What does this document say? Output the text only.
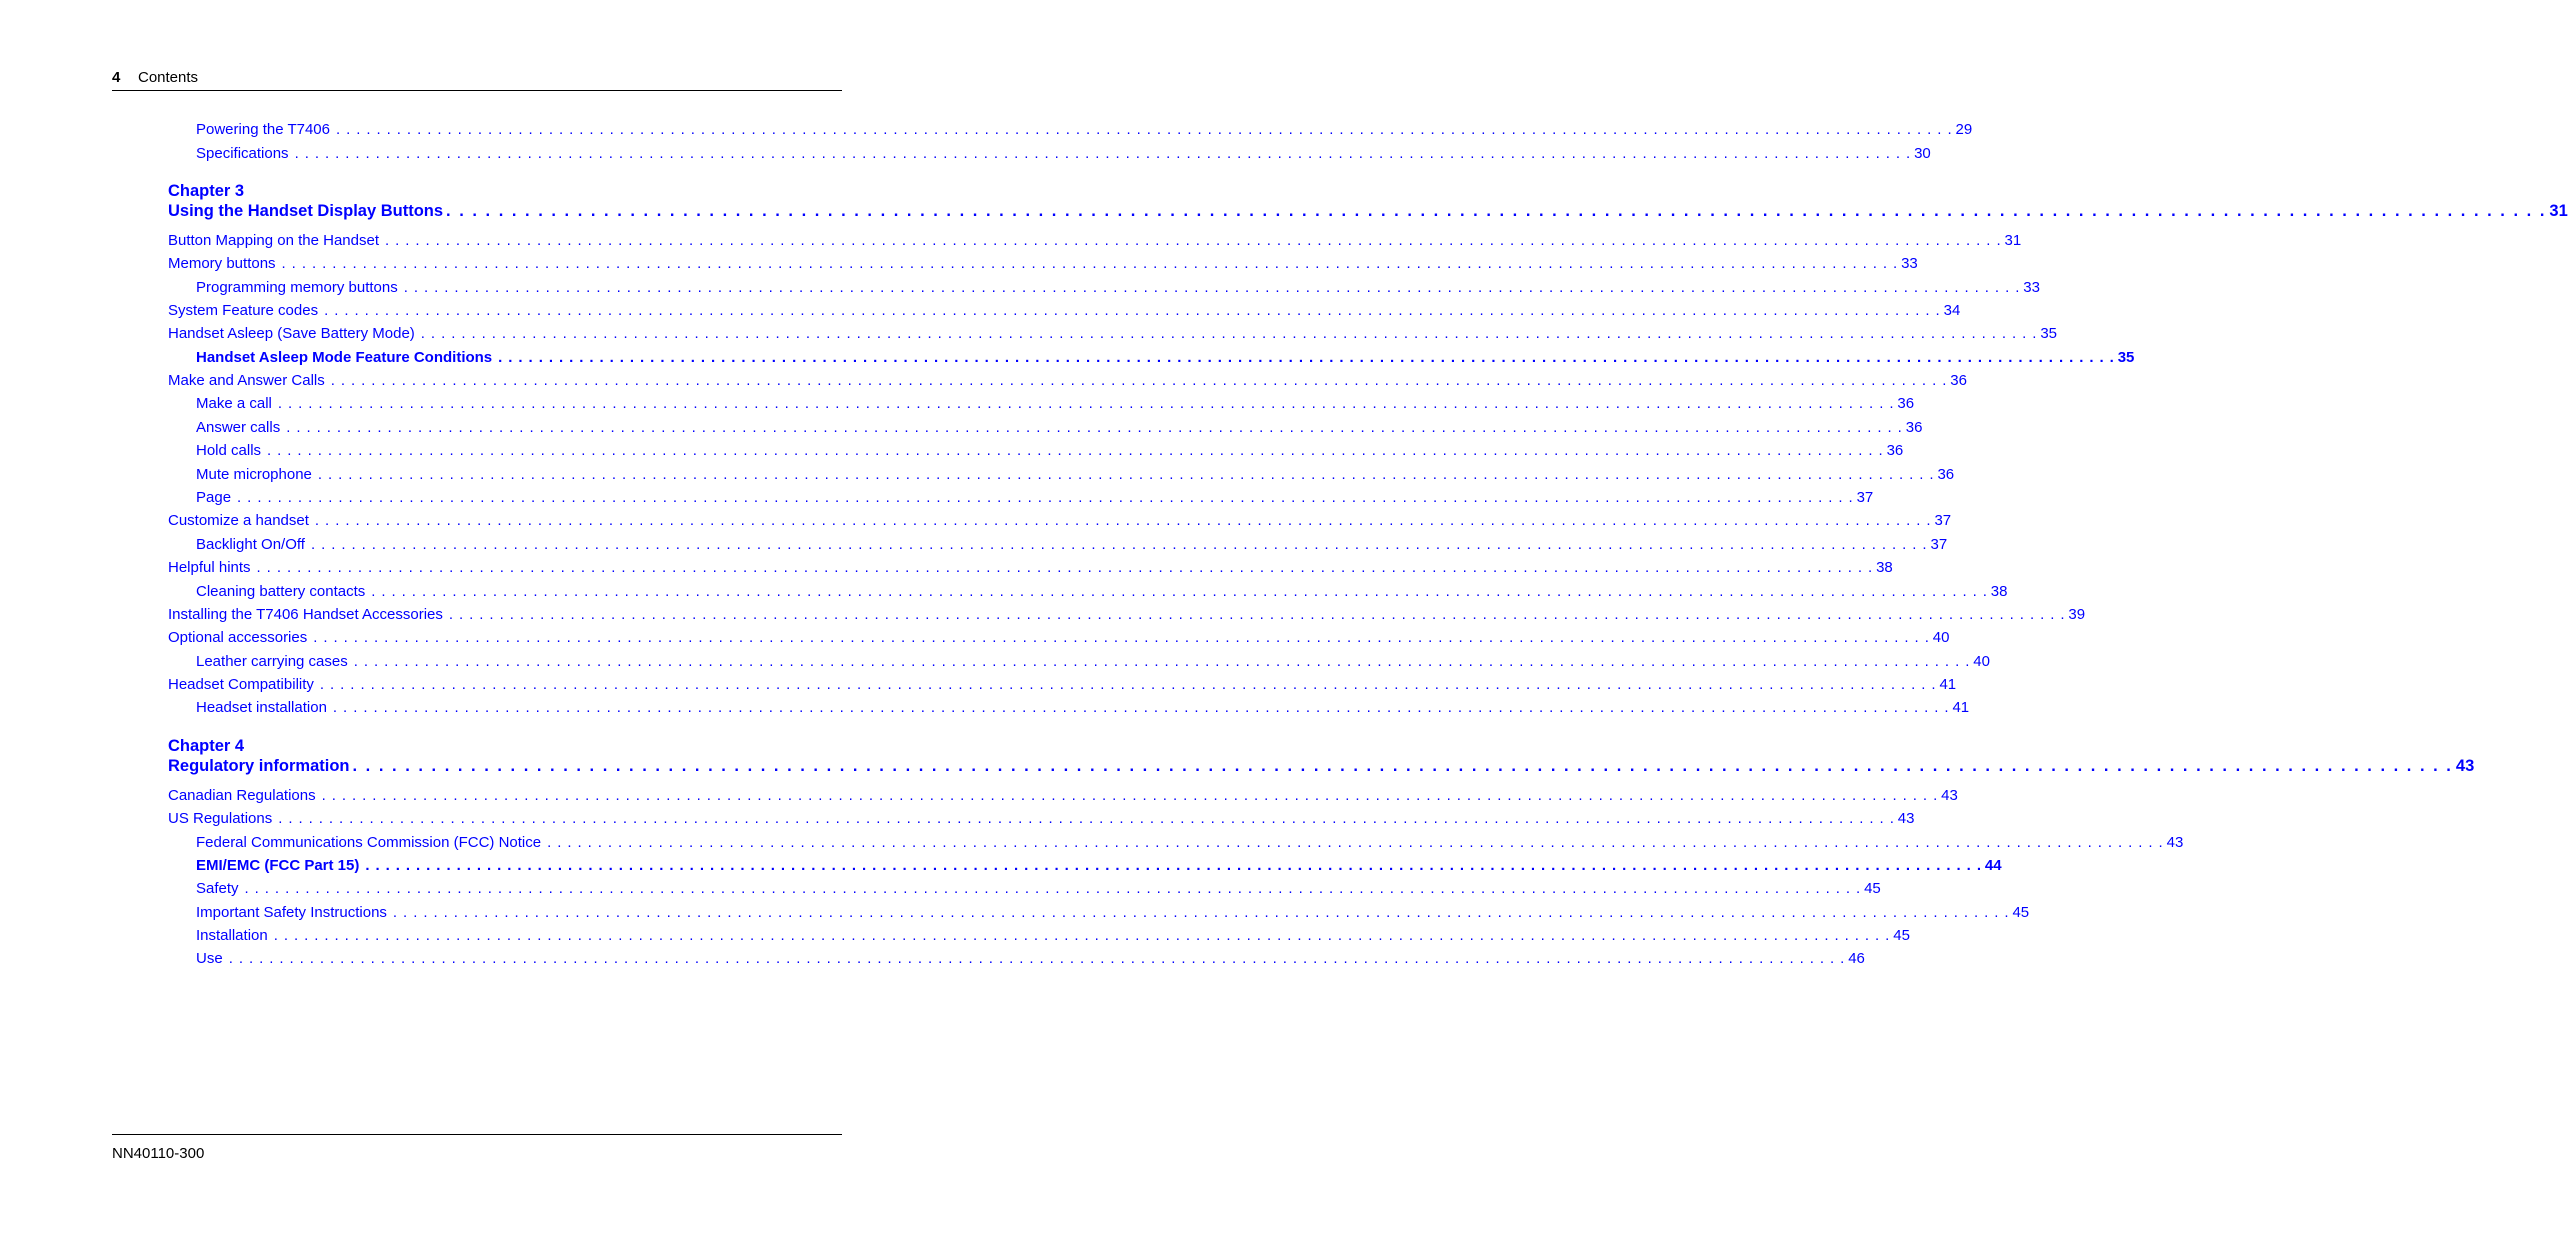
4 Contents
Powering the T7406 . . . . . . . . . . . . . . . . . . . . . . . . . . . . . . . . . . . . . . . . . . . . . . . . . . . . . . . . . . . . . . . . . . . . . . . . . . . . . . . . . . . . . . . . . . . . . . . . . . . . . . . . . . . . . . . . . . . . . . . . . . . . . . . . . . . . . . . . . . . . . . . . . . . . . . . . . . . . . . . . 29
Specifications . . . . . . . . . . . . . . . . . . . . . . . . . . . . . . . . . . . . . . . . . . . . . . . . . . . . . . . . . . . . . . . . . . . . . . . . . . . . . . . . . . . . . . . . . . . . . . . . . . . . . . . . . . . . . . . . . . . . . . . . . . . . . . . . . . . . . . . . . . . . . . . . . . . . . . . . . . . . . . . . 30
Chapter 3
Using the Handset Display Buttons . . . . . . . . . . . . . . . . . . . . . . . . . . . . . . . . . . . . . . . . . . . . . . . . . . . . . . . . . . . . . . . . . . . . . . . . . . . . . . . . . . . . . . . . . . . . . . . . . . . . . . . . . . . . . . . . . . . . . . . . . . . . . . . . . . . . . . . . . . . . . . . . . . . . . . . . . . . . . . . . 31
Button Mapping on the Handset . . . . . . . . . . . . . . . . . . . . . . . . . . . . . . . . . . . . . . . . . . . . . . . . . . . . . . . . . . . . . . . . . . . . . . . . . . . . . . . . . . . . . . . . . . . . . . . . . . . . . . . . . . . . . . . . . . . . . . . . . . . . . . . . . . . . . . . . . . . . . . . . . . . . . . . . . . . . . . . . 31
Memory buttons . . . . . . . . . . . . . . . . . . . . . . . . . . . . . . . . . . . . . . . . . . . . . . . . . . . . . . . . . . . . . . . . . . . . . . . . . . . . . . . . . . . . . . . . . . . . . . . . . . . . . . . . . . . . . . . . . . . . . . . . . . . . . . . . . . . . . . . . . . . . . . . . . . . . . . . . . . . . . . . . 33
Programming memory buttons . . . . . . . . . . . . . . . . . . . . . . . . . . . . . . . . . . . . . . . . . . . . . . . . . . . . . . . . . . . . . . . . . . . . . . . . . . . . . . . . . . . . . . . . . . . . . . . . . . . . . . . . . . . . . . . . . . . . . . . . . . . . . . . . . . . . . . . . . . . . . . . . . . . . . . . . . . . . . . . . 33
System Feature codes . . . . . . . . . . . . . . . . . . . . . . . . . . . . . . . . . . . . . . . . . . . . . . . . . . . . . . . . . . . . . . . . . . . . . . . . . . . . . . . . . . . . . . . . . . . . . . . . . . . . . . . . . . . . . . . . . . . . . . . . . . . . . . . . . . . . . . . . . . . . . . . . . . . . . . . . . . . . . . . . 34
Handset Asleep (Save Battery Mode) . . . . . . . . . . . . . . . . . . . . . . . . . . . . . . . . . . . . . . . . . . . . . . . . . . . . . . . . . . . . . . . . . . . . . . . . . . . . . . . . . . . . . . . . . . . . . . . . . . . . . . . . . . . . . . . . . . . . . . . . . . . . . . . . . . . . . . . . . . . . . . . . . . . . . . . . . . . . . . . . 35
Handset Asleep Mode Feature Conditions . . . . . . . . . . . . . . . . . . . . . . . . . . . . . . . . . . . . . . . . . . . . . . . . . . . . . . . . . . . . . . . . . . . . . . . . . . . . . . . . . . . . . . . . . . . . . . . . . . . . . . . . . . . . . . . . . . . . . . . . . . . . . . . . . . . . . . . . . . . . . . . . . . . . . . . . . . . . . . . . 35
Make and Answer Calls . . . . . . . . . . . . . . . . . . . . . . . . . . . . . . . . . . . . . . . . . . . . . . . . . . . . . . . . . . . . . . . . . . . . . . . . . . . . . . . . . . . . . . . . . . . . . . . . . . . . . . . . . . . . . . . . . . . . . . . . . . . . . . . . . . . . . . . . . . . . . . . . . . . . . . . . . . . . . . . . 36
Make a call . . . . . . . . . . . . . . . . . . . . . . . . . . . . . . . . . . . . . . . . . . . . . . . . . . . . . . . . . . . . . . . . . . . . . . . . . . . . . . . . . . . . . . . . . . . . . . . . . . . . . . . . . . . . . . . . . . . . . . . . . . . . . . . . . . . . . . . . . . . . . . . . . . . . . . . . . . . . . . . . 36
Answer calls . . . . . . . . . . . . . . . . . . . . . . . . . . . . . . . . . . . . . . . . . . . . . . . . . . . . . . . . . . . . . . . . . . . . . . . . . . . . . . . . . . . . . . . . . . . . . . . . . . . . . . . . . . . . . . . . . . . . . . . . . . . . . . . . . . . . . . . . . . . . . . . . . . . . . . . . . . . . . . . . 36
Hold calls . . . . . . . . . . . . . . . . . . . . . . . . . . . . . . . . . . . . . . . . . . . . . . . . . . . . . . . . . . . . . . . . . . . . . . . . . . . . . . . . . . . . . . . . . . . . . . . . . . . . . . . . . . . . . . . . . . . . . . . . . . . . . . . . . . . . . . . . . . . . . . . . . . . . . . . . . . . . . . . . 36
Mute microphone . . . . . . . . . . . . . . . . . . . . . . . . . . . . . . . . . . . . . . . . . . . . . . . . . . . . . . . . . . . . . . . . . . . . . . . . . . . . . . . . . . . . . . . . . . . . . . . . . . . . . . . . . . . . . . . . . . . . . . . . . . . . . . . . . . . . . . . . . . . . . . . . . . . . . . . . . . . . . . . . 36
Page . . . . . . . . . . . . . . . . . . . . . . . . . . . . . . . . . . . . . . . . . . . . . . . . . . . . . . . . . . . . . . . . . . . . . . . . . . . . . . . . . . . . . . . . . . . . . . . . . . . . . . . . . . . . . . . . . . . . . . . . . . . . . . . . . . . . . . . . . . . . . . . . . . . . . . . . . . . . . . . . 37
Customize a handset . . . . . . . . . . . . . . . . . . . . . . . . . . . . . . . . . . . . . . . . . . . . . . . . . . . . . . . . . . . . . . . . . . . . . . . . . . . . . . . . . . . . . . . . . . . . . . . . . . . . . . . . . . . . . . . . . . . . . . . . . . . . . . . . . . . . . . . . . . . . . . . . . . . . . . . . . . . . . . . . 37
Backlight On/Off . . . . . . . . . . . . . . . . . . . . . . . . . . . . . . . . . . . . . . . . . . . . . . . . . . . . . . . . . . . . . . . . . . . . . . . . . . . . . . . . . . . . . . . . . . . . . . . . . . . . . . . . . . . . . . . . . . . . . . . . . . . . . . . . . . . . . . . . . . . . . . . . . . . . . . . . . . . . . . . . 37
Helpful hints . . . . . . . . . . . . . . . . . . . . . . . . . . . . . . . . . . . . . . . . . . . . . . . . . . . . . . . . . . . . . . . . . . . . . . . . . . . . . . . . . . . . . . . . . . . . . . . . . . . . . . . . . . . . . . . . . . . . . . . . . . . . . . . . . . . . . . . . . . . . . . . . . . . . . . . . . . . . . . . . 38
Cleaning battery contacts . . . . . . . . . . . . . . . . . . . . . . . . . . . . . . . . . . . . . . . . . . . . . . . . . . . . . . . . . . . . . . . . . . . . . . . . . . . . . . . . . . . . . . . . . . . . . . . . . . . . . . . . . . . . . . . . . . . . . . . . . . . . . . . . . . . . . . . . . . . . . . . . . . . . . . . . . . . . . . . . 38
Installing the T7406 Handset Accessories . . . . . . . . . . . . . . . . . . . . . . . . . . . . . . . . . . . . . . . . . . . . . . . . . . . . . . . . . . . . . . . . . . . . . . . . . . . . . . . . . . . . . . . . . . . . . . . . . . . . . . . . . . . . . . . . . . . . . . . . . . . . . . . . . . . . . . . . . . . . . . . . . . . . . . . . . . . . . . . . 39
Optional accessories . . . . . . . . . . . . . . . . . . . . . . . . . . . . . . . . . . . . . . . . . . . . . . . . . . . . . . . . . . . . . . . . . . . . . . . . . . . . . . . . . . . . . . . . . . . . . . . . . . . . . . . . . . . . . . . . . . . . . . . . . . . . . . . . . . . . . . . . . . . . . . . . . . . . . . . . . . . . . . . . 40
Leather carrying cases . . . . . . . . . . . . . . . . . . . . . . . . . . . . . . . . . . . . . . . . . . . . . . . . . . . . . . . . . . . . . . . . . . . . . . . . . . . . . . . . . . . . . . . . . . . . . . . . . . . . . . . . . . . . . . . . . . . . . . . . . . . . . . . . . . . . . . . . . . . . . . . . . . . . . . . . . . . . . . . . 40
Headset Compatibility . . . . . . . . . . . . . . . . . . . . . . . . . . . . . . . . . . . . . . . . . . . . . . . . . . . . . . . . . . . . . . . . . . . . . . . . . . . . . . . . . . . . . . . . . . . . . . . . . . . . . . . . . . . . . . . . . . . . . . . . . . . . . . . . . . . . . . . . . . . . . . . . . . . . . . . . . . . . . . . . 41
Headset installation . . . . . . . . . . . . . . . . . . . . . . . . . . . . . . . . . . . . . . . . . . . . . . . . . . . . . . . . . . . . . . . . . . . . . . . . . . . . . . . . . . . . . . . . . . . . . . . . . . . . . . . . . . . . . . . . . . . . . . . . . . . . . . . . . . . . . . . . . . . . . . . . . . . . . . . . . . . . . . . . 41
Chapter 4
Regulatory information . . . . . . . . . . . . . . . . . . . . . . . . . . . . . . . . . . . . . . . . . . . . . . . . . . . . . . . . . . . . . . . . . . . . . . . . . . . . . . . . . . . . . . . . . . . . . . . . . . . . . . . . . . . . . . . . . . . . . . . . . . . . . . . . . . . . . . . . . . . . . . . . . . . . . . . . . . . . . . . . 43
Canadian Regulations . . . . . . . . . . . . . . . . . . . . . . . . . . . . . . . . . . . . . . . . . . . . . . . . . . . . . . . . . . . . . . . . . . . . . . . . . . . . . . . . . . . . . . . . . . . . . . . . . . . . . . . . . . . . . . . . . . . . . . . . . . . . . . . . . . . . . . . . . . . . . . . . . . . . . . . . . . . . . . . . 43
US Regulations . . . . . . . . . . . . . . . . . . . . . . . . . . . . . . . . . . . . . . . . . . . . . . . . . . . . . . . . . . . . . . . . . . . . . . . . . . . . . . . . . . . . . . . . . . . . . . . . . . . . . . . . . . . . . . . . . . . . . . . . . . . . . . . . . . . . . . . . . . . . . . . . . . . . . . . . . . . . . . . . 43
Federal Communications Commission (FCC) Notice . . . . . . . . . . . . . . . . . . . . . . . . . . . . . . . . . . . . . . . . . . . . . . . . . . . . . . . . . . . . . . . . . . . . . . . . . . . . . . . . . . . . . . . . . . . . . . . . . . . . . . . . . . . . . . . . . . . . . . . . . . . . . . . . . . . . . . . . . . . . . . . . . . . . . . . . . . . . . . . . 43
EMI/EMC (FCC Part 15) . . . . . . . . . . . . . . . . . . . . . . . . . . . . . . . . . . . . . . . . . . . . . . . . . . . . . . . . . . . . . . . . . . . . . . . . . . . . . . . . . . . . . . . . . . . . . . . . . . . . . . . . . . . . . . . . . . . . . . . . . . . . . . . . . . . . . . . . . . . . . . . . . . . . . . . . . . . . . . . . 44
Safety . . . . . . . . . . . . . . . . . . . . . . . . . . . . . . . . . . . . . . . . . . . . . . . . . . . . . . . . . . . . . . . . . . . . . . . . . . . . . . . . . . . . . . . . . . . . . . . . . . . . . . . . . . . . . . . . . . . . . . . . . . . . . . . . . . . . . . . . . . . . . . . . . . . . . . . . . . . . . . . . 45
Important Safety Instructions . . . . . . . . . . . . . . . . . . . . . . . . . . . . . . . . . . . . . . . . . . . . . . . . . . . . . . . . . . . . . . . . . . . . . . . . . . . . . . . . . . . . . . . . . . . . . . . . . . . . . . . . . . . . . . . . . . . . . . . . . . . . . . . . . . . . . . . . . . . . . . . . . . . . . . . . . . . . . . . . 45
Installation . . . . . . . . . . . . . . . . . . . . . . . . . . . . . . . . . . . . . . . . . . . . . . . . . . . . . . . . . . . . . . . . . . . . . . . . . . . . . . . . . . . . . . . . . . . . . . . . . . . . . . . . . . . . . . . . . . . . . . . . . . . . . . . . . . . . . . . . . . . . . . . . . . . . . . . . . . . . . . . . 45
Use . . . . . . . . . . . . . . . . . . . . . . . . . . . . . . . . . . . . . . . . . . . . . . . . . . . . . . . . . . . . . . . . . . . . . . . . . . . . . . . . . . . . . . . . . . . . . . . . . . . . . . . . . . . . . . . . . . . . . . . . . . . . . . . . . . . . . . . . . . . . . . . . . . . . . . . . . . . . . . . . 46
NN40110-300
